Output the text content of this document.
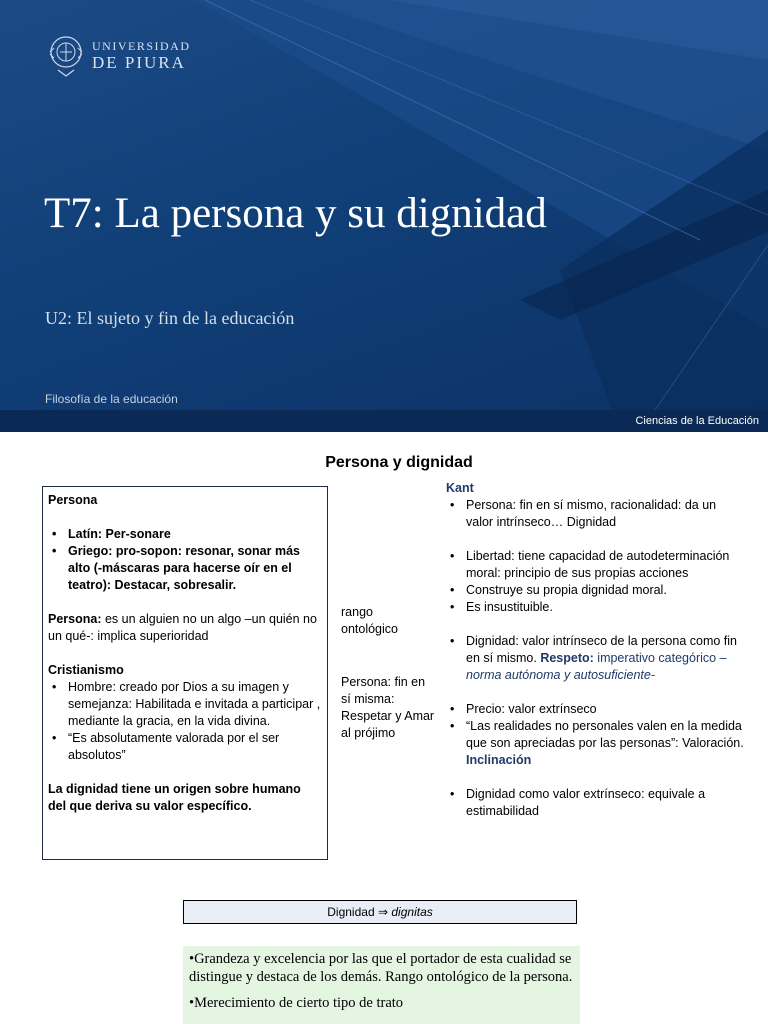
UNIVERSIDAD
DE PIURA
T7: La persona y su dignidad
U2: El sujeto y fin de la educación
Filosofía de la educación
Ciencias de la Educación
Persona y dignidad

Persona

• Latín: Per-sonare
• Griego: pro-sopon: resonar, sonar más alto (-máscaras para hacerse oír en el teatro): Destacar, sobresalir.

Persona: es un alguien no un algo –un quién no un qué-: implica superioridad

Cristianismo

• Hombre: creado por Dios a su imagen y semejanza: Habilitada e invitada a participar , mediante la gracia, en la vida divina.
• “Es absolutamente valorada por el ser absolutos”

La dignidad tiene un origen sobre humano del que deriva su valor específico.

rango ontológico
Persona: fin en sí misma: Respetar y Amar al prójimo

Kant

• Persona: fin en sí mismo, racionalidad: da un valor intrínseco… Dignidad
• Libertad: tiene capacidad de autodeterminación moral: principio de sus propias acciones
• Construye su propia dignidad moral.
• Es insustituible.
• Dignidad: valor intrínseco de la persona como fin en sí mismo. Respeto: imperativo categórico –norma autónoma y autosuficiente-
• Precio: valor extrínseco
• “Las realidades no personales valen en la medida que son apreciadas por las personas”: Valoración. Inclinación
• Dignidad como valor extrínseco: equivale a estimabilidad
Dignidad ⇒ dignitas

•Grandeza y excelencia por las que el portador de esta cualidad se distingue y destaca de los demás. Rango ontológico de la persona.

•Merecimiento de cierto tipo de trato
